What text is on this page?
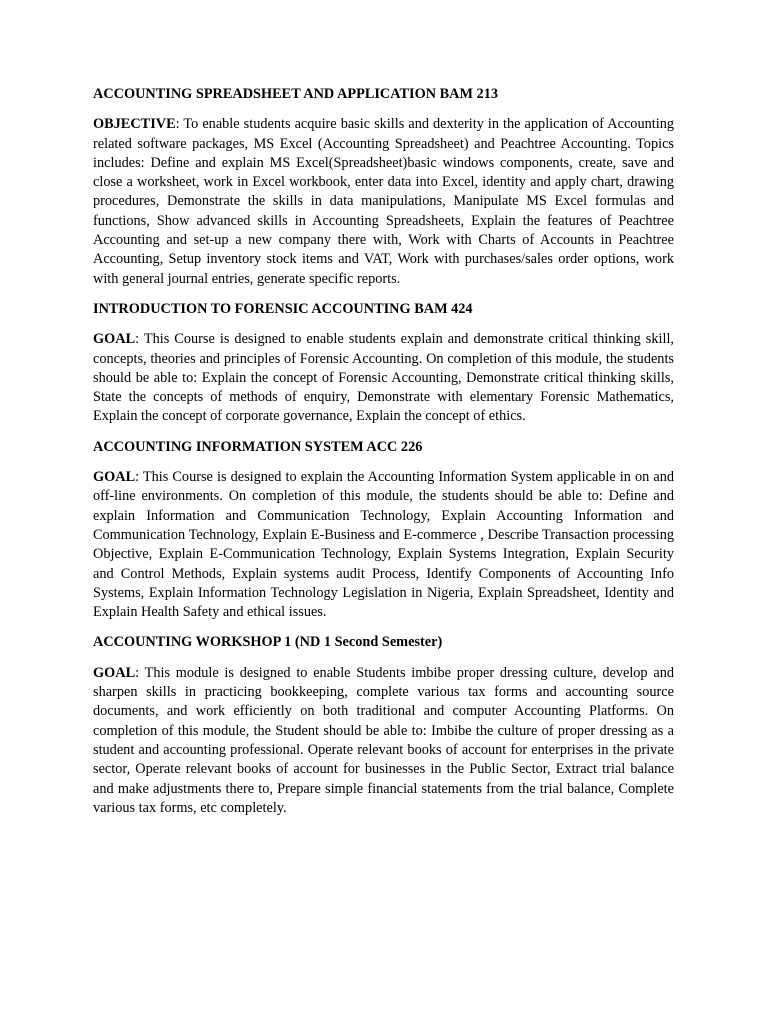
ACCOUNTING SPREADSHEET AND APPLICATION BAM 213

OBJECTIVE: To enable students acquire basic skills and dexterity in the application of Accounting related software packages, MS Excel (Accounting Spreadsheet) and Peachtree Accounting. Topics includes: Define and explain MS Excel(Spreadsheet)basic windows components, create, save and close a worksheet, work in Excel workbook, enter data into Excel, identity and apply chart, drawing procedures, Demonstrate the skills in data manipulations, Manipulate MS Excel formulas and functions, Show advanced skills in Accounting Spreadsheets, Explain the features of Peachtree Accounting and set-up a new company there with, Work with Charts of Accounts in Peachtree Accounting, Setup inventory stock items and VAT, Work with purchases/sales order options, work with general journal entries, generate specific reports.

INTRODUCTION TO FORENSIC ACCOUNTING BAM 424

GOAL: This Course is designed to enable students explain and demonstrate critical thinking skill, concepts, theories and principles of Forensic Accounting. On completion of this module, the students should be able to: Explain the concept of Forensic Accounting, Demonstrate critical thinking skills, State the concepts of methods of enquiry, Demonstrate with elementary Forensic Mathematics, Explain the concept of corporate governance, Explain the concept of ethics.

ACCOUNTING INFORMATION SYSTEM ACC 226

GOAL: This Course is designed to explain the Accounting Information System applicable in on and off-line environments. On completion of this module, the students should be able to: Define and explain Information and Communication Technology, Explain Accounting Information and Communication Technology, Explain E-Business and E-commerce , Describe Transaction processing Objective, Explain E-Communication Technology, Explain Systems Integration, Explain Security and Control Methods, Explain systems audit Process, Identify Components of Accounting Info Systems, Explain Information Technology Legislation in Nigeria, Explain Spreadsheet, Identity and Explain Health Safety and ethical issues.

ACCOUNTING WORKSHOP 1 (ND 1 Second Semester)

GOAL: This module is designed to enable Students imbibe proper dressing culture, develop and sharpen skills in practicing bookkeeping, complete various tax forms and accounting source documents, and work efficiently on both traditional and computer Accounting Platforms. On completion of this module, the Student should be able to: Imbibe the culture of proper dressing as a student and accounting professional. Operate relevant books of account for enterprises in the private sector, Operate relevant books of account for businesses in the Public Sector, Extract trial balance and make adjustments there to, Prepare simple financial statements from the trial balance, Complete various tax forms, etc completely.
